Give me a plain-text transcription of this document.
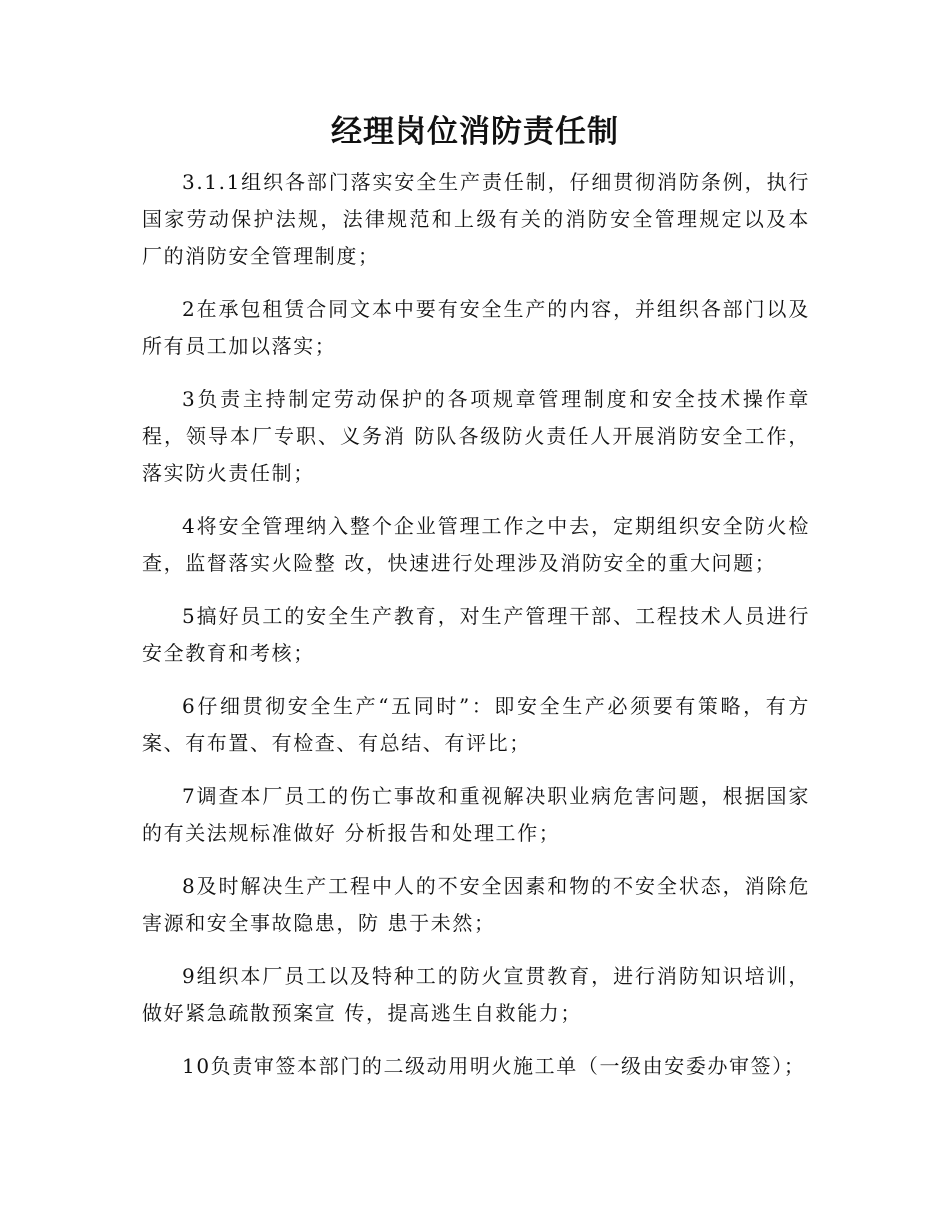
经理岗位消防责任制

3.1.1组织各部门落实安全生产责任制，仔细贯彻消防条例，执行国家劳动保护法规，法律规范和上级有关的消防安全管理规定以及本厂的消防安全管理制度；

2在承包租赁合同文本中要有安全生产的内容，并组织各部门以及所有员工加以落实；

3负责主持制定劳动保护的各项规章管理制度和安全技术操作章程，领导本厂专职、义务消 防队各级防火责任人开展消防安全工作，落实防火责任制；

4将安全管理纳入整个企业管理工作之中去，定期组织安全防火检查，监督落实火险整 改，快速进行处理涉及消防安全的重大问题；

5搞好员工的安全生产教育，对生产管理干部、工程技术人员进行安全教育和考核；

6仔细贯彻安全生产“五同时”：即安全生产必须要有策略，有方案、有布置、有检查、有总结、有评比；

7调查本厂员工的伤亡事故和重视解决职业病危害问题，根据国家的有关法规标准做好 分析报告和处理工作；

8及时解决生产工程中人的不安全因素和物的不安全状态，消除危害源和安全事故隐患，防 患于未然；

9组织本厂员工以及特种工的防火宣贯教育，进行消防知识培训，做好紧急疏散预案宣 传，提高逃生自救能力；

10负责审签本部门的二级动用明火施工单（一级由安委办审签）；
